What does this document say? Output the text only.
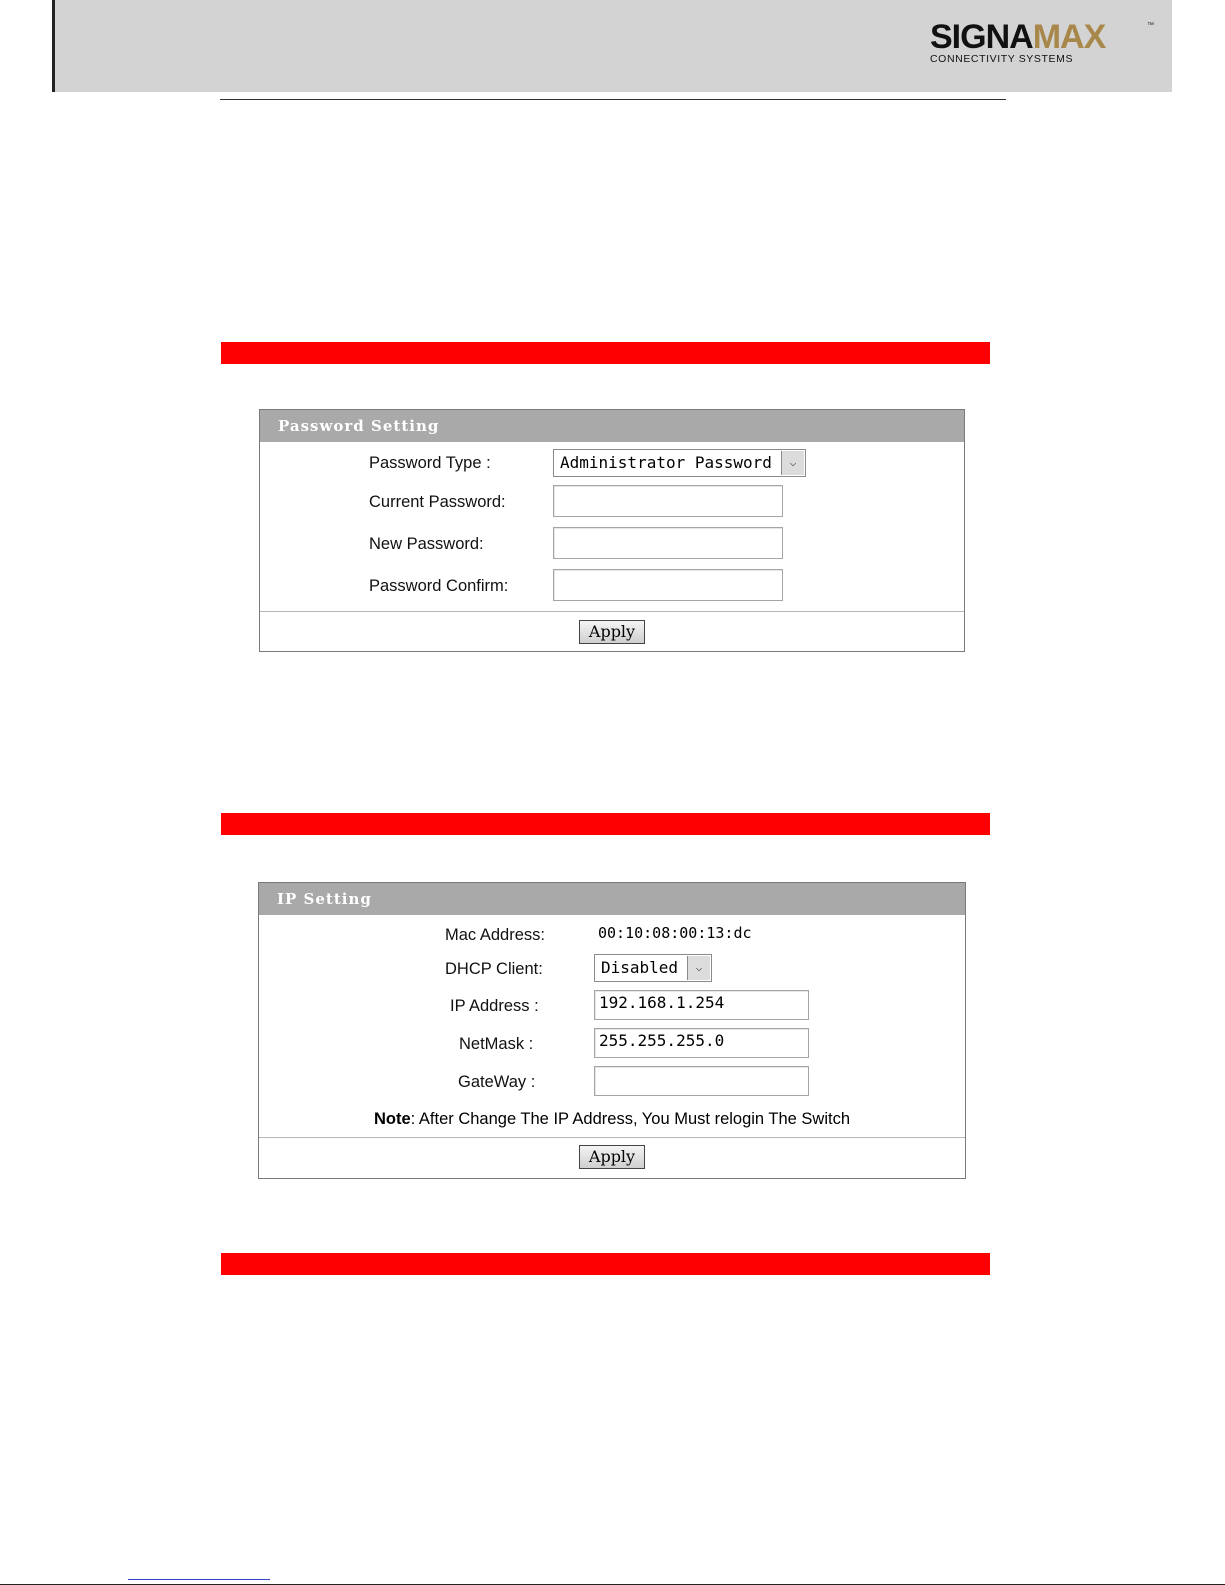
SIGNAMAX	™
CONNECTIVITY SYSTEMS
Password Setting
Password Type :	Administrator Password	⌵
Current Password:
New Password:
Password Confirm:
Apply
IP Setting
Mac Address:	00:10:08:00:13:dc
DHCP Client:	Disabled	⌵
IP Address :	192.168.1.254
NetMask :	255.255.255.0
GateWay :
Note: After Change The IP Address, You Must relogin The Switch
Apply
